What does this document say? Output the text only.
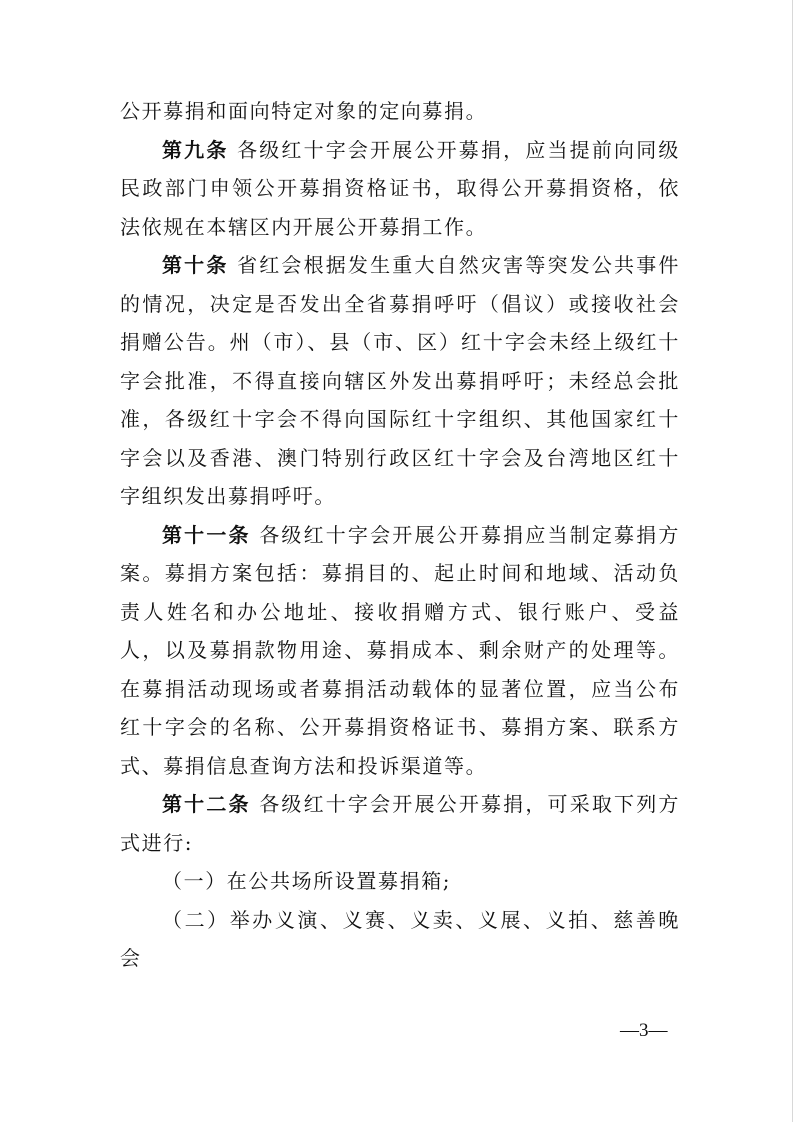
公开募捐和面向特定对象的定向募捐。

第九条 各级红十字会开展公开募捐，应当提前向同级民政部门申领公开募捐资格证书，取得公开募捐资格，依法依规在本辖区内开展公开募捐工作。

第十条 省红会根据发生重大自然灾害等突发公共事件的情况，决定是否发出全省募捐呼吁（倡议）或接收社会捐赠公告。州（市）、县（市、区）红十字会未经上级红十字会批准，不得直接向辖区外发出募捐呼吁；未经总会批准，各级红十字会不得向国际红十字组织、其他国家红十字会以及香港、澳门特别行政区红十字会及台湾地区红十字组织发出募捐呼吁。

第十一条 各级红十字会开展公开募捐应当制定募捐方案。募捐方案包括：募捐目的、起止时间和地域、活动负责人姓名和办公地址、接收捐赠方式、银行账户、受益人，以及募捐款物用途、募捐成本、剩余财产的处理等。在募捐活动现场或者募捐活动载体的显著位置，应当公布红十字会的名称、公开募捐资格证书、募捐方案、联系方式、募捐信息查询方法和投诉渠道等。

第十二条 各级红十字会开展公开募捐，可采取下列方式进行:

（一）在公共场所设置募捐箱;

（二）举办义演、义赛、义卖、义展、义拍、慈善晚会

—3—
